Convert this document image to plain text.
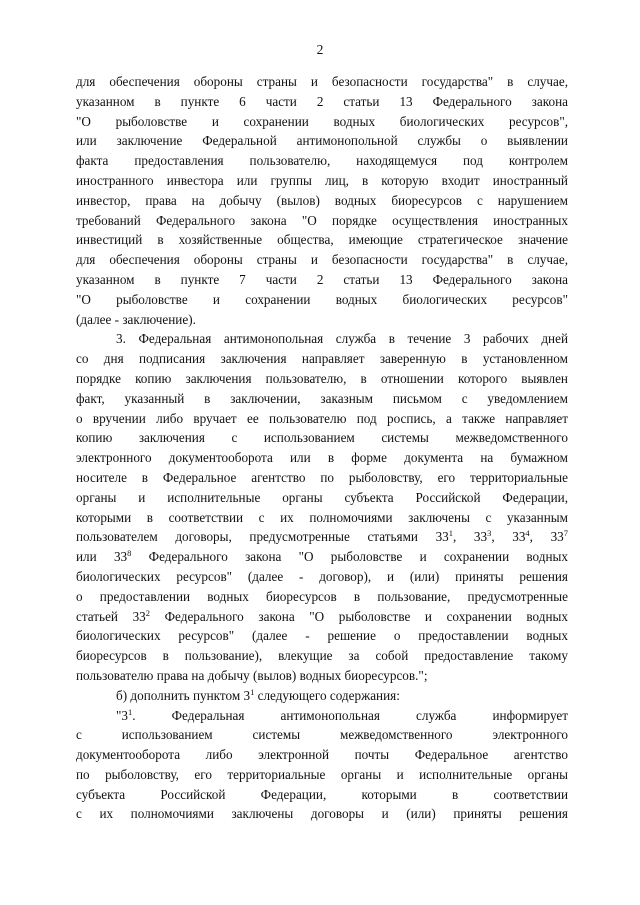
2
для обеспечения обороны страны и безопасности государства" в случае,
указанном в пункте 6 части 2 статьи 13 Федерального закона
"О рыболовстве и сохранении водных биологических ресурсов",
или заключение Федеральной антимонопольной службы о выявлении
факта предоставления пользователю, находящемуся под контролем
иностранного инвестора или группы лиц, в которую входит иностранный
инвестор, права на добычу (вылов) водных биоресурсов с нарушением
требований Федерального закона "О порядке осуществления иностранных
инвестиций в хозяйственные общества, имеющие стратегическое значение
для обеспечения обороны страны и безопасности государства" в случае,
указанном в пункте 7 части 2 статьи 13 Федерального закона
"О рыболовстве и сохранении водных биологических ресурсов"
(далее - заключение).
3. Федеральная антимонопольная служба в течение 3 рабочих дней
со дня подписания заключения направляет заверенную в установленном
порядке копию заключения пользователю, в отношении которого выявлен
факт, указанный в заключении, заказным письмом с уведомлением
о вручении либо вручает ее пользователю под роспись, а также направляет
копию заключения с использованием системы межведомственного
электронного документооборота или в форме документа на бумажном
носителе в Федеральное агентство по рыболовству, его территориальные
органы и исполнительные органы субъекта Российской Федерации,
которыми в соответствии с их полномочиями заключены с указанным
пользователем договоры, предусмотренные статьями $33^1$, $33^3$, $33^4$, $33^7$
или $33^8$ Федерального закона "О рыболовстве и сохранении водных
биологических ресурсов" (далее - договор), и (или) приняты решения
о предоставлении водных биоресурсов в пользование, предусмотренные
статьей $33^2$ Федерального закона "О рыболовстве и сохранении водных
биологических ресурсов" (далее - решение о предоставлении водных
биоресурсов в пользование), влекущие за собой предоставление такому
пользователю права на добычу (вылов) водных биоресурсов.";
б) дополнить пунктом $3^1$ следующего содержания:
"$3^1$. Федеральная антимонопольная служба информирует
с использованием системы межведомственного электронного
документооборота либо электронной почты Федеральное агентство
по рыболовству, его территориальные органы и исполнительные органы
субъекта Российской Федерации, которыми в соответствии
с их полномочиями заключены договоры и (или) приняты решения
